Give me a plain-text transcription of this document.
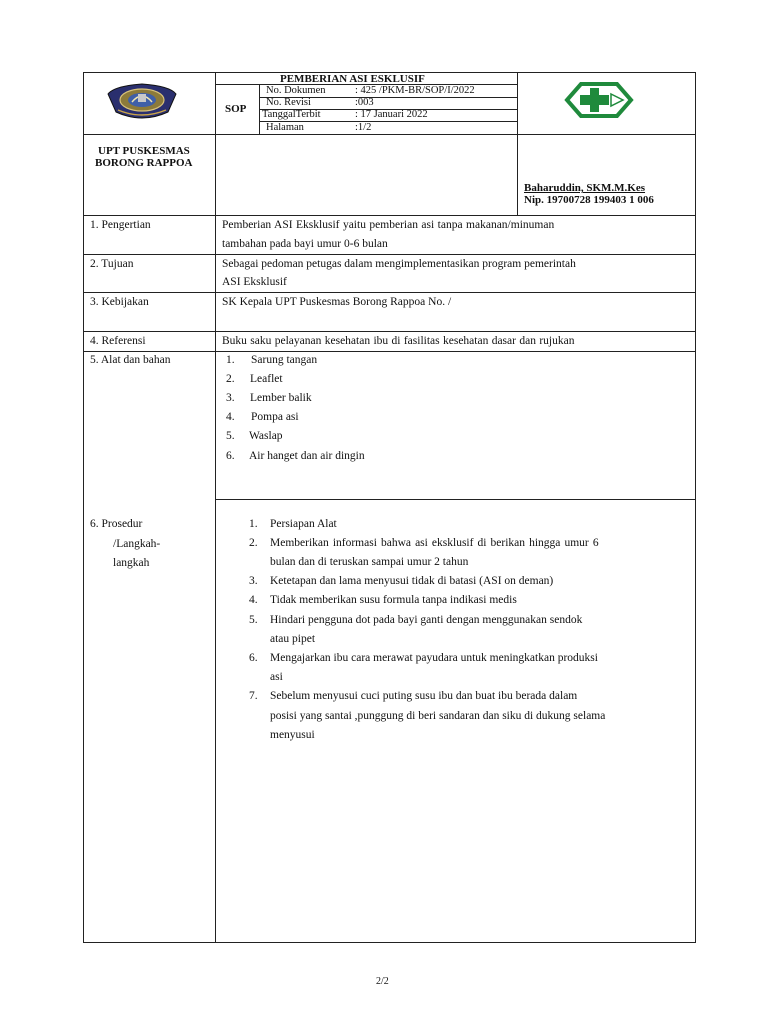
PEMBERIAN ASI ESKLUSIF
SOP
No. Dokumen	: 425 /PKM-BR/SOP/I/2022
No. Revisi	:003
TanggalTerbit	: 17 Januari 2022
Halaman	:1/2
UPT PUSKESMAS
BORONG RAPPOA
Baharuddin, SKM.M.Kes
Nip. 19700728 199403 1 006
1. Pengertian	Pemberian ASI Eksklusif yaitu pemberian asi tanpa makanan/minuman
tambahan pada bayi umur 0-6 bulan
2. Tujuan	Sebagai pedoman petugas dalam mengimplementasikan program pemerintah
ASI Eksklusif
3. Kebijakan	SK Kepala UPT Puskesmas Borong Rappoa No. /
4. Referensi	Buku saku pelayanan kesehatan ibu di fasilitas kesehatan dasar dan rujukan
5. Alat dan bahan	1. Sarung tangan
2. Leaflet
3. Lember balik
4. Pompa asi
5. Waslap
6. Air hanget dan air dingin
6. Prosedur
/Langkah-
langkah
1. Persiapan Alat
2. Memberikan informasi bahwa asi eksklusif di berikan hingga umur 6
bulan dan di teruskan sampai umur 2 tahun
3. Ketetapan dan lama menyusui tidak di batasi (ASI on deman)
4. Tidak memberikan susu formula tanpa indikasi medis
5. Hindari pengguna dot pada bayi ganti dengan menggunakan sendok
atau pipet
6. Mengajarkan ibu cara merawat payudara untuk meningkatkan produksi
asi
7. Sebelum menyusui cuci puting susu ibu dan buat ibu berada dalam
posisi yang santai ,punggung di beri sandaran dan siku di dukung selama
menyusui
2/2
